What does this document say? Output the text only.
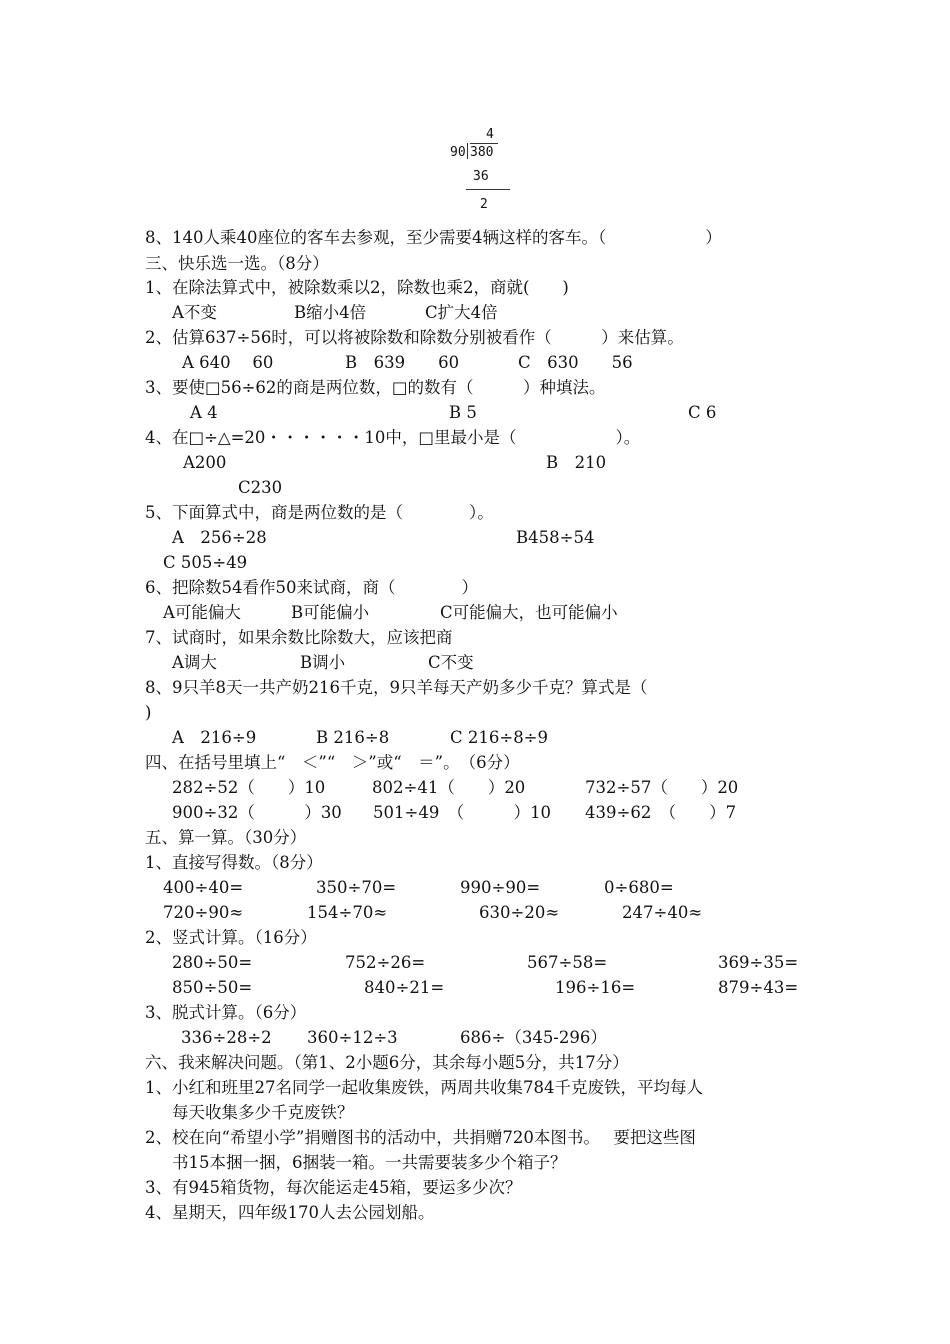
4
90 380
36
2
8、140人乘40座位的客车去参观，至少需要4辆这样的客车。（　　　　　　）
三、快乐选一选。（8分）
1、在除法算式中，被除数乘以2，除数也乘2，商就(　　)
A不变	B缩小4倍	C扩大4倍
2、估算637÷56时，可以将被除数和除数分别被看作（　　　）来估算。
A 640　 60	B　639　　60	C　630　　56
3、要使□56÷62的商是两位数，□的数有（　　　）种填法。
A 4	B 5	C 6
4、在□÷△=20・・・・・・10中，□里最小是（　　　　　　）。
A200	B　210
C230
5、下面算式中，商是两位数的是（　　　　）。
A　256÷28	B458÷54
C 505÷49
6、把除数54看作50来试商，商（　　　　）
A可能偏大	B可能偏小	C可能偏大，也可能偏小
7、试商时，如果余数比除数大，应该把商
A调大	B调小	C不变
8、9只羊8天一共产奶216千克，9只羊每天产奶多少千克？算式是（
)
A　216÷9	B 216÷8	C 216÷8÷9
四、在括号里填上“　＜”“　＞”或“　＝”。　（6分）
282÷52（　　）10	802÷41（　　）20	732÷57（　　）20
900÷32（　　　）30 501÷49　（　　　）10 439÷62　（　　）7
五、算一算。（30分）
1、直接写得数。（8分）
400÷40=	350÷70=	990÷90=	0÷680=
720÷90≈	154÷70≈	630÷20≈	247÷40≈
2、竖式计算。（16分）
280÷50=	752÷26=	567÷58=	369÷35=
850÷50=	840÷21=	196÷16=	879÷43=
3、脱式计算。（6分）
336÷28÷2 360÷12÷3	686÷（345-296）
六、我来解决问题。（第1、2小题6分，其余每小题5分，共17分）
1、小红和班里27名同学一起收集废铁，两周共收集784千克废铁，平均每人
每天收集多少千克废铁？
2、校在向“希望小学”捐赠图书的活动中，共捐赠720本图书。　 要把这些图
书15本捆一捆，6捆装一箱。一共需要装多少个箱子？
3、有945箱货物，每次能运走45箱，要运多少次？
4、星期天，四年级170人去公园划船。
